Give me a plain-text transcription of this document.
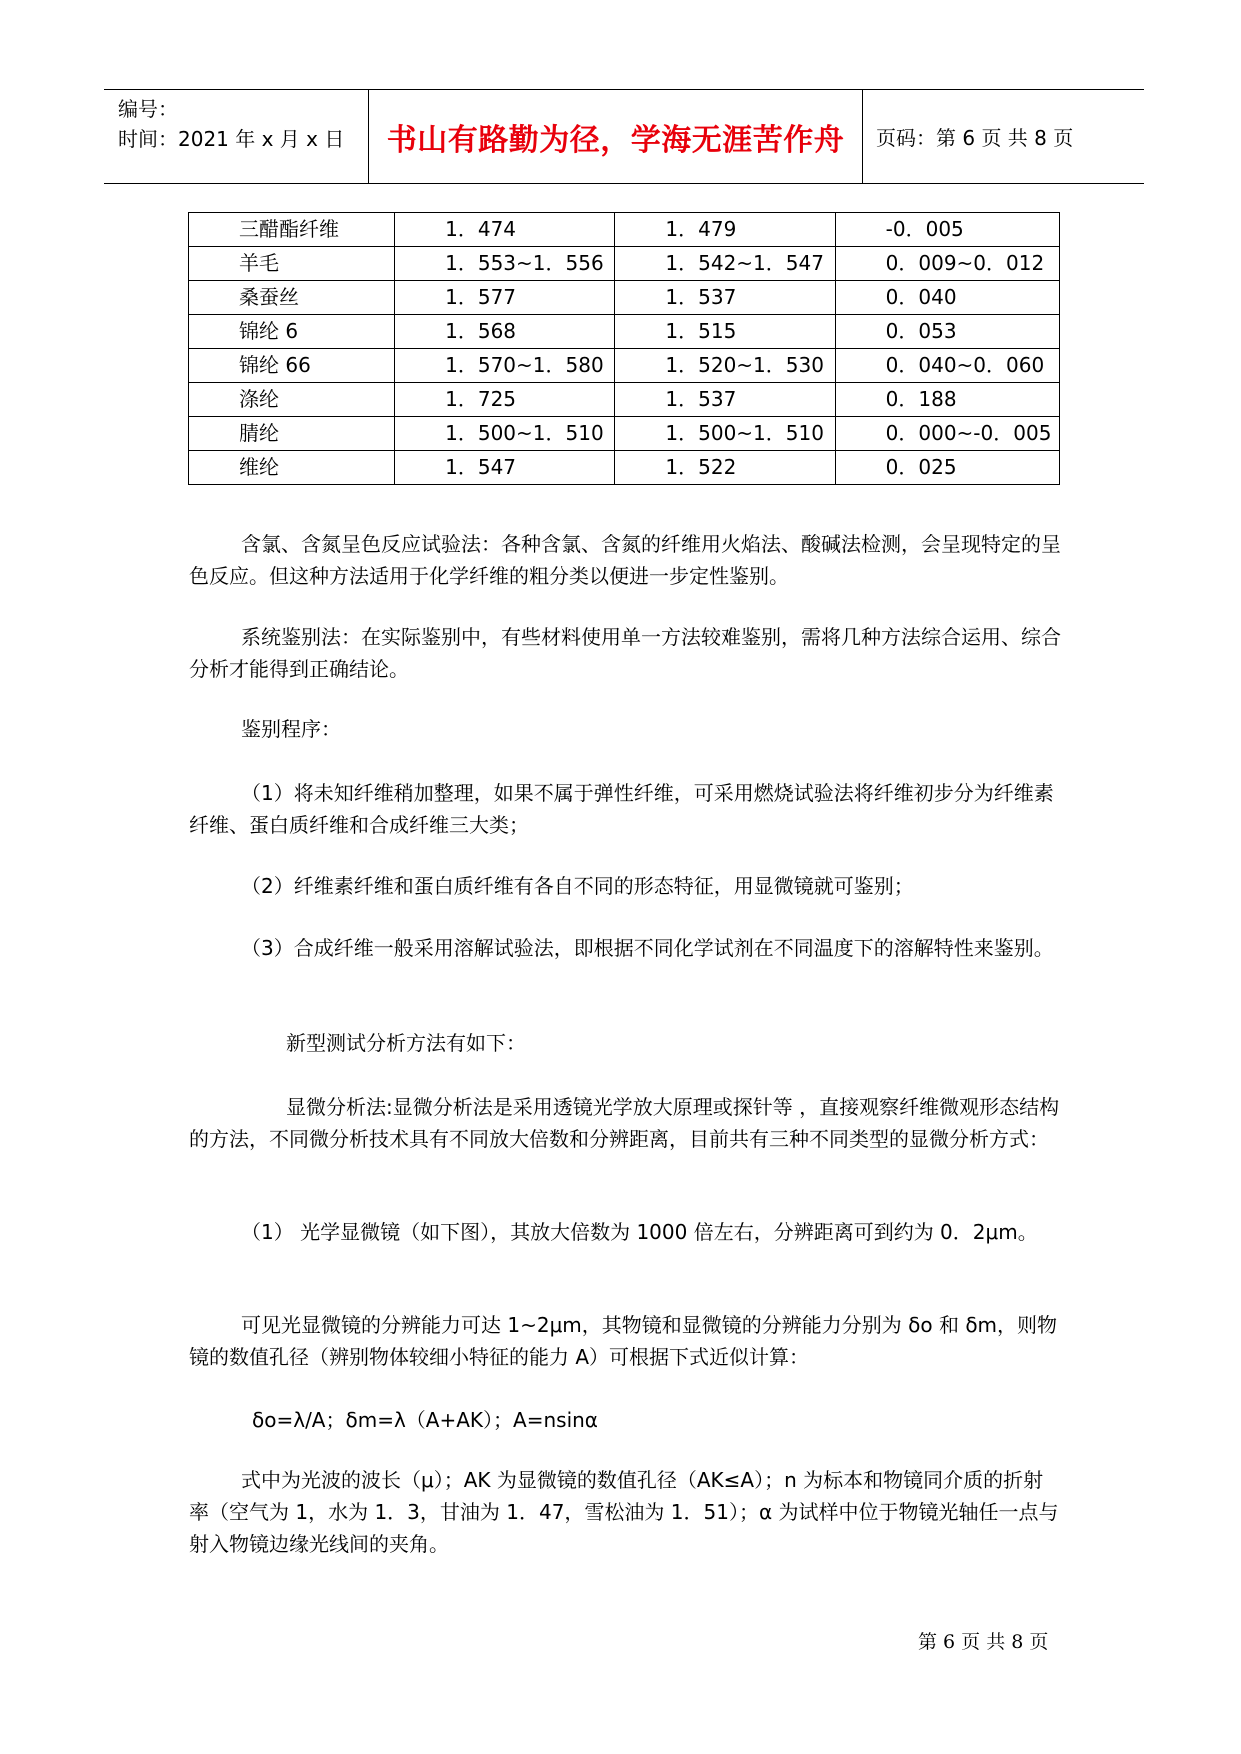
编号：
时间：2021 年 x 月 x 日	书山有路勤为径，学海无涯苦作舟	页码：第 6 页 共 8 页
三醋酯纤维	1．474	1．479	-0．005
羊毛	1．553~1．556	1．542~1．547	0．009~0．012
桑蚕丝	1．577	1．537	0．040
锦纶 6	1．568	1．515	0．053
锦纶 66	1．570~1．580	1．520~1．530	0．040~0．060
涤纶	1．725	1．537	0．188
腈纶	1．500~1．510	1．500~1．510	0．000~-0．005
维纶	1．547	1．522	0．025

含氯、含氮呈色反应试验法：各种含氯、含氮的纤维用火焰法、酸碱法检测，会呈现特定的呈色反应。但这种方法适用于化学纤维的粗分类以便进一步定性鉴别。

系统鉴别法：在实际鉴别中，有些材料使用单一方法较难鉴别，需将几种方法综合运用、综合分析才能得到正确结论。

鉴别程序：

（1）将未知纤维稍加整理，如果不属于弹性纤维，可采用燃烧试验法将纤维初步分为纤维素纤维、蛋白质纤维和合成纤维三大类；

（2）纤维素纤维和蛋白质纤维有各自不同的形态特征，用显微镜就可鉴别；

（3）合成纤维一般采用溶解试验法，即根据不同化学试剂在不同温度下的溶解特性来鉴别。

新型测试分析方法有如下：

显微分析法:显微分析法是采用透镜光学放大原理或探针等 ，直接观察纤维微观形态结构的方法，不同微分析技术具有不同放大倍数和分辨距离，目前共有三种不同类型的显微分析方式：

（1） 光学显微镜（如下图），其放大倍数为 1000 倍左右，分辨距离可到约为 0．2μm。

可见光显微镜的分辨能力可达 1~2μm，其物镜和显微镜的分辨能力分别为 δo 和 δm，则物镜的数值孔径（辨别物体较细小特征的能力 A）可根据下式近似计算：

δo=λ/A；δm=λ（A+AK）；A=nsinα

式中为光波的波长（μ）；AK 为显微镜的数值孔径（AK≤A）；n 为标本和物镜同介质的折射率（空气为 1，水为 1．3，甘油为 1．47，雪松油为 1．51）；α 为试样中位于物镜光轴任一点与射入物镜边缘光线间的夹角。

第 6 页 共 8 页
